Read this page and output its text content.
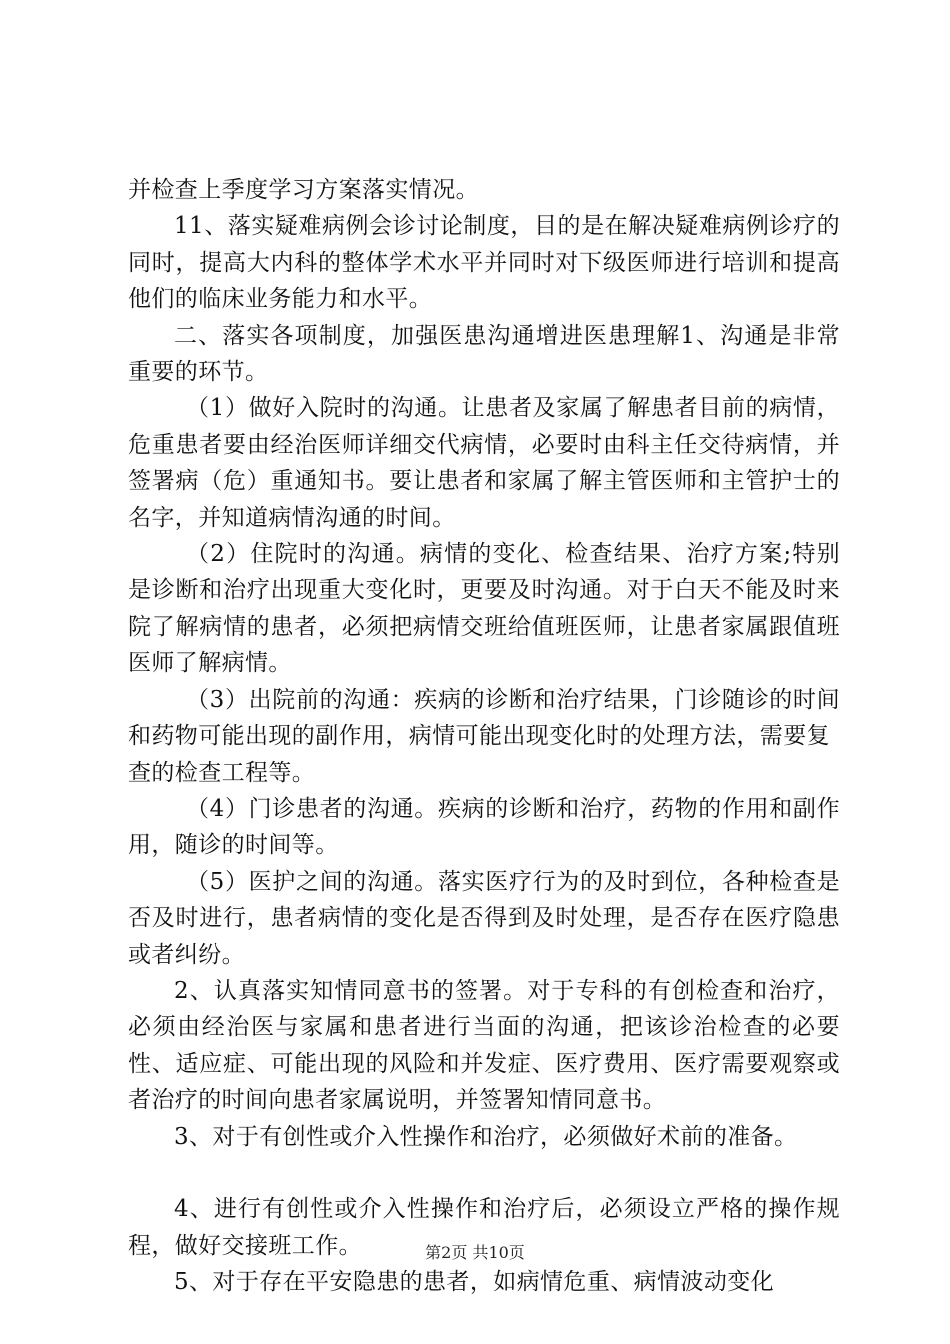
并检查上季度学习方案落实情况。

11、落实疑难病例会诊讨论制度，目的是在解决疑难病例诊疗的同时，提高大内科的整体学术水平并同时对下级医师进行培训和提高他们的临床业务能力和水平。

二、落实各项制度，加强医患沟通增进医患理解1、沟通是非常重要的环节。

（1）做好入院时的沟通。让患者及家属了解患者目前的病情，危重患者要由经治医师详细交代病情，必要时由科主任交待病情，并签署病（危）重通知书。要让患者和家属了解主管医师和主管护士的名字，并知道病情沟通的时间。

（2）住院时的沟通。病情的变化、检查结果、治疗方案;特别是诊断和治疗出现重大变化时，更要及时沟通。对于白天不能及时来院了解病情的患者，必须把病情交班给值班医师，让患者家属跟值班医师了解病情。

（3）出院前的沟通：疾病的诊断和治疗结果，门诊随诊的时间和药物可能出现的副作用，病情可能出现变化时的处理方法，需要复

查的检查工程等。

（4）门诊患者的沟通。疾病的诊断和治疗，药物的作用和副作用，随诊的时间等。

（5）医护之间的沟通。落实医疗行为的及时到位，各种检查是否及时进行，患者病情的变化是否得到及时处理，是否存在医疗隐患或者纠纷。

2、认真落实知情同意书的签署。对于专科的有创检查和治疗，必须由经治医与家属和患者进行当面的沟通，把该诊治检查的必要性、适应症、可能出现的风险和并发症、医疗费用、医疗需要观察或者治疗的时间向患者家属说明，并签署知情同意书。

3、对于有创性或介入性操作和治疗，必须做好术前的准备。

4、进行有创性或介入性操作和治疗后，必须设立严格的操作规程，做好交接班工作。

5、对于存在平安隐患的患者，如病情危重、病情波动变化

第2页 共10页
